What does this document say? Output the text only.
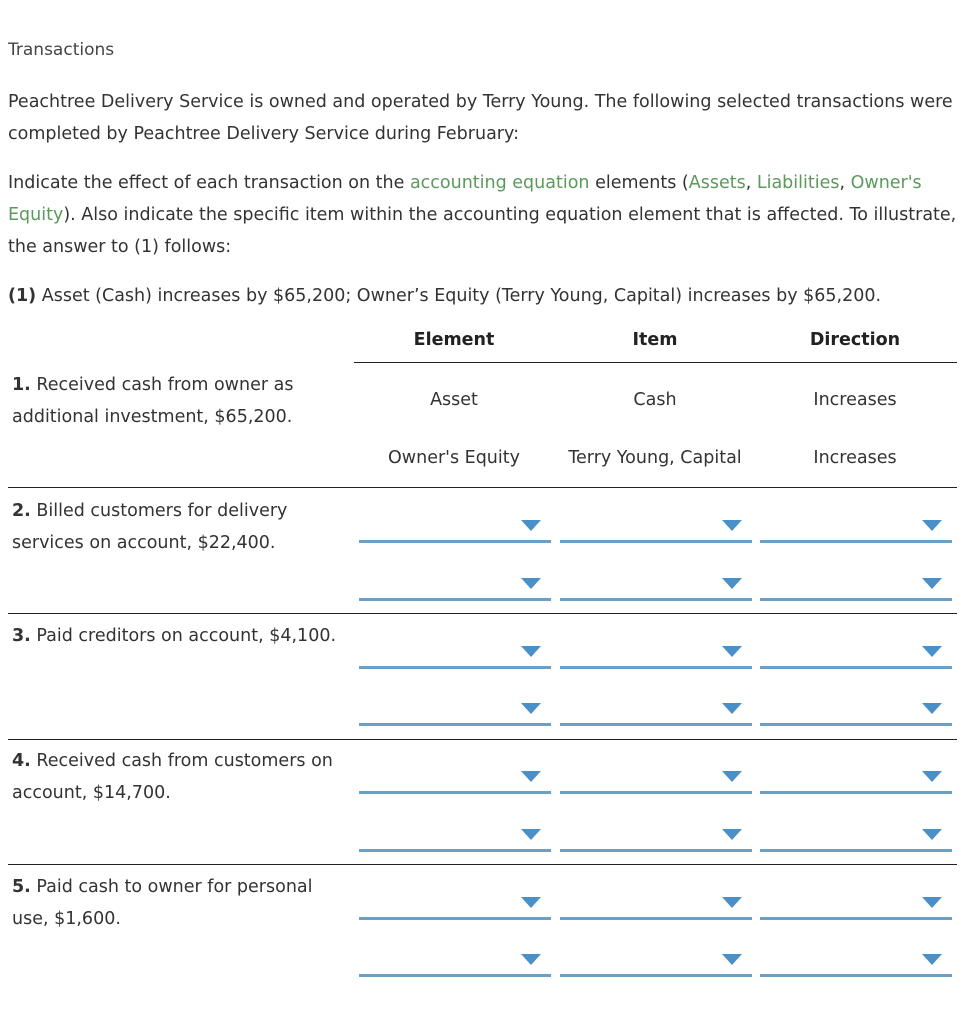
Transactions
Peachtree Delivery Service is owned and operated by Terry Young. The following selected transactions were completed by Peachtree Delivery Service during February:
Indicate the effect of each transaction on the accounting equation elements (Assets, Liabilities, Owner's Equity). Also indicate the specific item within the accounting equation element that is affected. To illustrate, the answer to (1) follows:
(1) Asset (Cash) increases by $65,200; Owner’s Equity (Terry Young, Capital) increases by $65,200.
Element	Item	Direction
1. Received cash from owner as additional investment, $65,200.
Asset	Cash	Increases
Owner's Equity	Terry Young, Capital	Increases
2. Billed customers for delivery services on account, $22,400.
3. Paid creditors on account, $4,100.
4. Received cash from customers on account, $14,700.
5. Paid cash to owner for personal use, $1,600.
